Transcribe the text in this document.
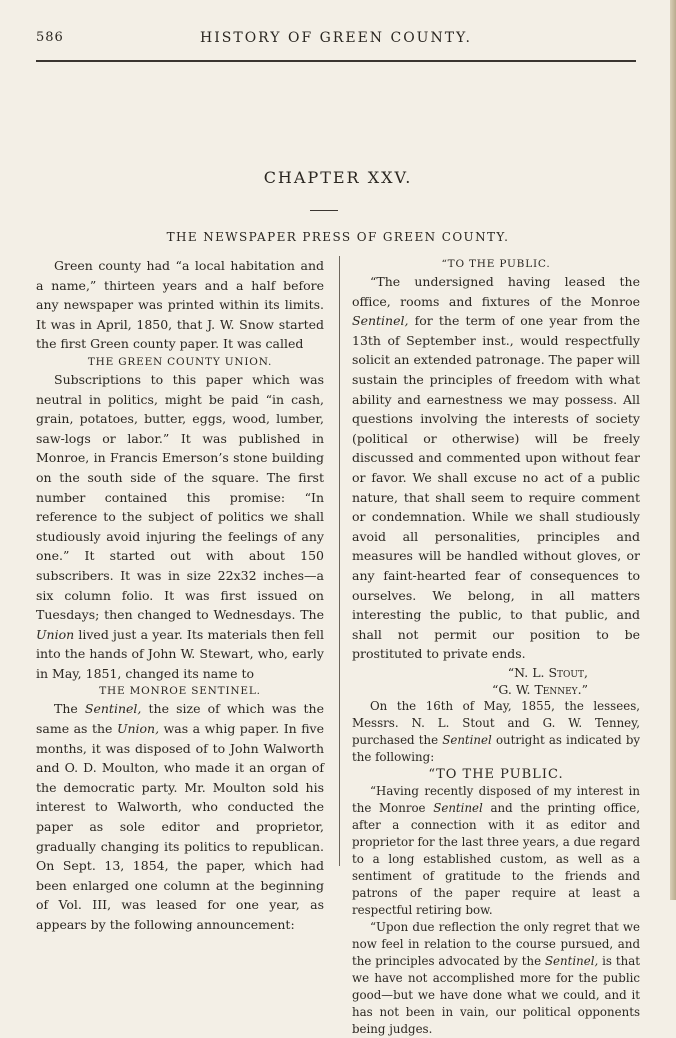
586	HISTORY OF GREEN COUNTY.
CHAPTER XXV.
THE NEWSPAPER PRESS OF GREEN COUNTY.

Green county had “a local habitation and a name,” thirteen years and a half before any newspaper was printed within its limits. It was in April, 1850, that J. W. Snow started the first Green county paper. It was called

THE GREEN COUNTY UNION.

Subscriptions to this paper which was neutral in politics, might be paid “in cash, grain, potatoes, butter, eggs, wood, lumber, saw-logs or labor.” It was published in Monroe, in Francis Emerson’s stone building on the south side of the square. The first number contained this promise: “In reference to the subject of politics we shall studiously avoid injuring the feelings of any one.” It started out with about 150 subscribers. It was in size 22x32 inches—a six column folio. It was first issued on Tuesdays; then changed to Wednesdays. The Union lived just a year. Its materials then fell into the hands of John W. Stewart, who, early in May, 1851, changed its name to

THE MONROE SENTINEL.

The Sentinel, the size of which was the same as the Union, was a whig paper. In five months, it was disposed of to John Walworth and O. D. Moulton, who made it an organ of the democratic party. Mr. Moulton sold his interest to Walworth, who conducted the paper as sole editor and proprietor, gradually changing its politics to republican. On Sept. 13, 1854, the paper, which had been enlarged one column at the beginning of Vol. III, was leased for one year, as appears by the following announcement:

“TO THE PUBLIC.

“The undersigned having leased the office, rooms and fixtures of the Monroe Sentinel, for the term of one year from the 13th of September inst., would respectfully solicit an extended patronage. The paper will sustain the principles of freedom with what ability and earnestness we may possess. All questions involving the interests of society (political or otherwise) will be freely discussed and commented upon without fear or favor. We shall excuse no act of a public nature, that shall seem to require comment or condemnation. While we shall studiously avoid all personalities, principles and measures will be handled without gloves, or any faint-hearted fear of consequences to ourselves. We belong, in all matters interesting the public, to that public, and shall not permit our position to be prostituted to private ends.

“N. L. Stout,

“G. W. Tenney.”

On the 16th of May, 1855, the lessees, Messrs. N. L. Stout and G. W. Tenney, purchased the Sentinel outright as indicated by the following:

“TO THE PUBLIC.

“Having recently disposed of my interest in the Monroe Sentinel and the printing office, after a connection with it as editor and proprietor for the last three years, a due regard to a long established custom, as well as a sentiment of gratitude to the friends and patrons of the paper require at least a respectful retiring bow.

“Upon due reflection the only regret that we now feel in relation to the course pursued, and the principles advocated by the Sentinel, is that we have not accomplished more for the public good—but we have done what we could, and it has not been in vain, our political opponents being judges.
